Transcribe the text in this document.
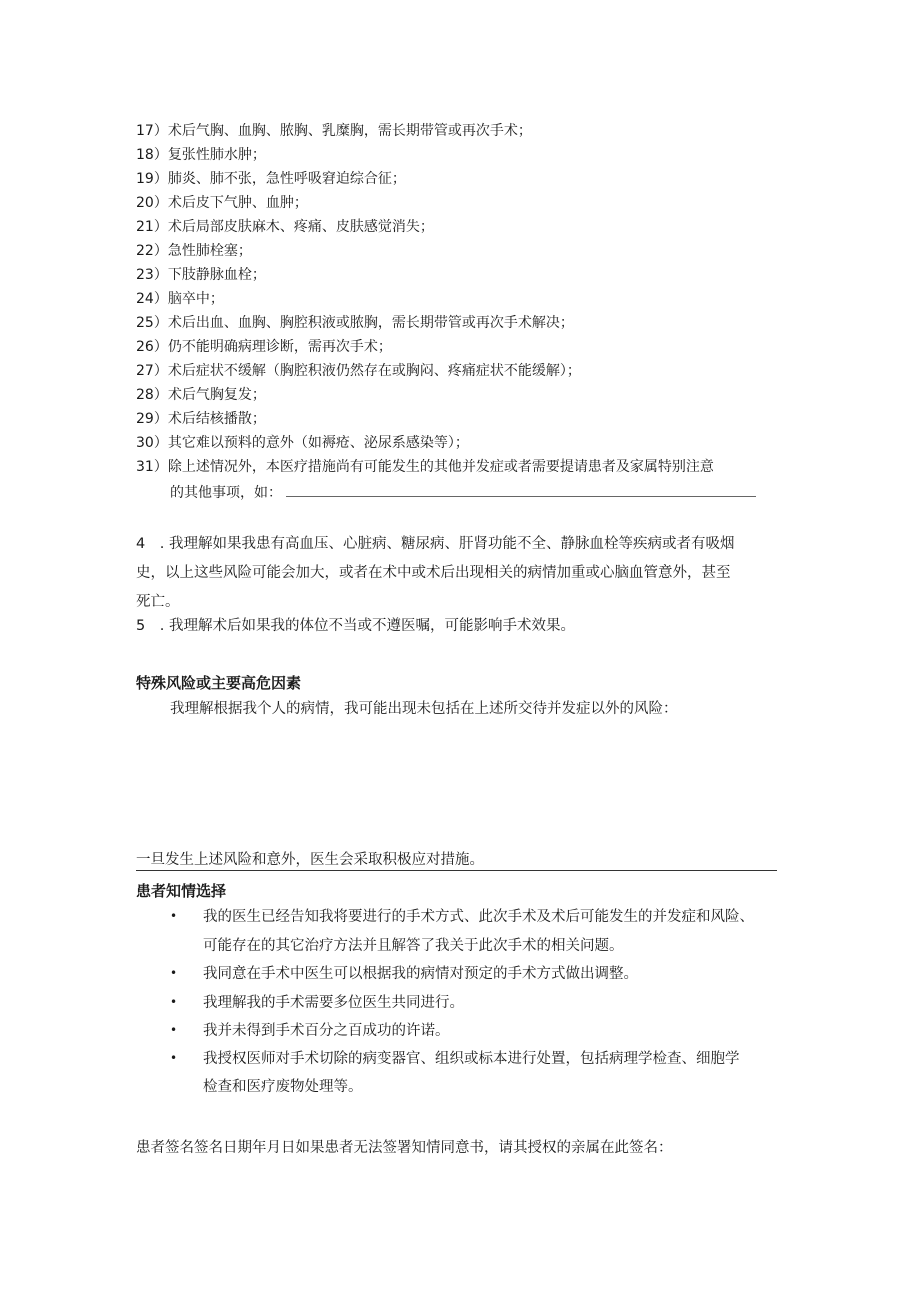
17）术后气胸、血胸、脓胸、乳糜胸，需长期带管或再次手术；
18）复张性肺水肿；
19）肺炎、肺不张，急性呼吸窘迫综合征；
20）术后皮下气肿、血肿；
21）术后局部皮肤麻木、疼痛、皮肤感觉消失；
22）急性肺栓塞；
23）下肢静脉血栓；
24）脑卒中；
25）术后出血、血胸、胸腔积液或脓胸，需长期带管或再次手术解决；
26）仍不能明确病理诊断，需再次手术；
27）术后症状不缓解（胸腔积液仍然存在或胸闷、疼痛症状不能缓解）；
28）术后气胸复发；
29）术后结核播散；
30）其它难以预料的意外（如褥疮、泌尿系感染等）；
31）除上述情况外，本医疗措施尚有可能发生的其他并发症或者需要提请患者及家属特别注意
的其他事项，如：
4　. 我理解如果我患有高血压、心脏病、糖尿病、肝肾功能不全、静脉血栓等疾病或者有吸烟
史，以上这些风险可能会加大，或者在术中或术后出现相关的病情加重或心脑血管意外，甚至
死亡。
5　. 我理解术后如果我的体位不当或不遵医嘱，可能影响手术效果。
特殊风险或主要高危因素
我理解根据我个人的病情，我可能出现未包括在上述所交待并发症以外的风险：
一旦发生上述风险和意外，医生会采取积极应对措施。
患者知情选择
• 我的医生已经告知我将要进行的手术方式、此次手术及术后可能发生的并发症和风险、
可能存在的其它治疗方法并且解答了我关于此次手术的相关问题。
• 我同意在手术中医生可以根据我的病情对预定的手术方式做出调整。
• 我理解我的手术需要多位医生共同进行。
• 我并未得到手术百分之百成功的许诺。
• 我授权医师对手术切除的病变器官、组织或标本进行处置，包括病理学检查、细胞学
检查和医疗废物处理等。
患者签名签名日期年月日如果患者无法签署知情同意书，请其授权的亲属在此签名：
